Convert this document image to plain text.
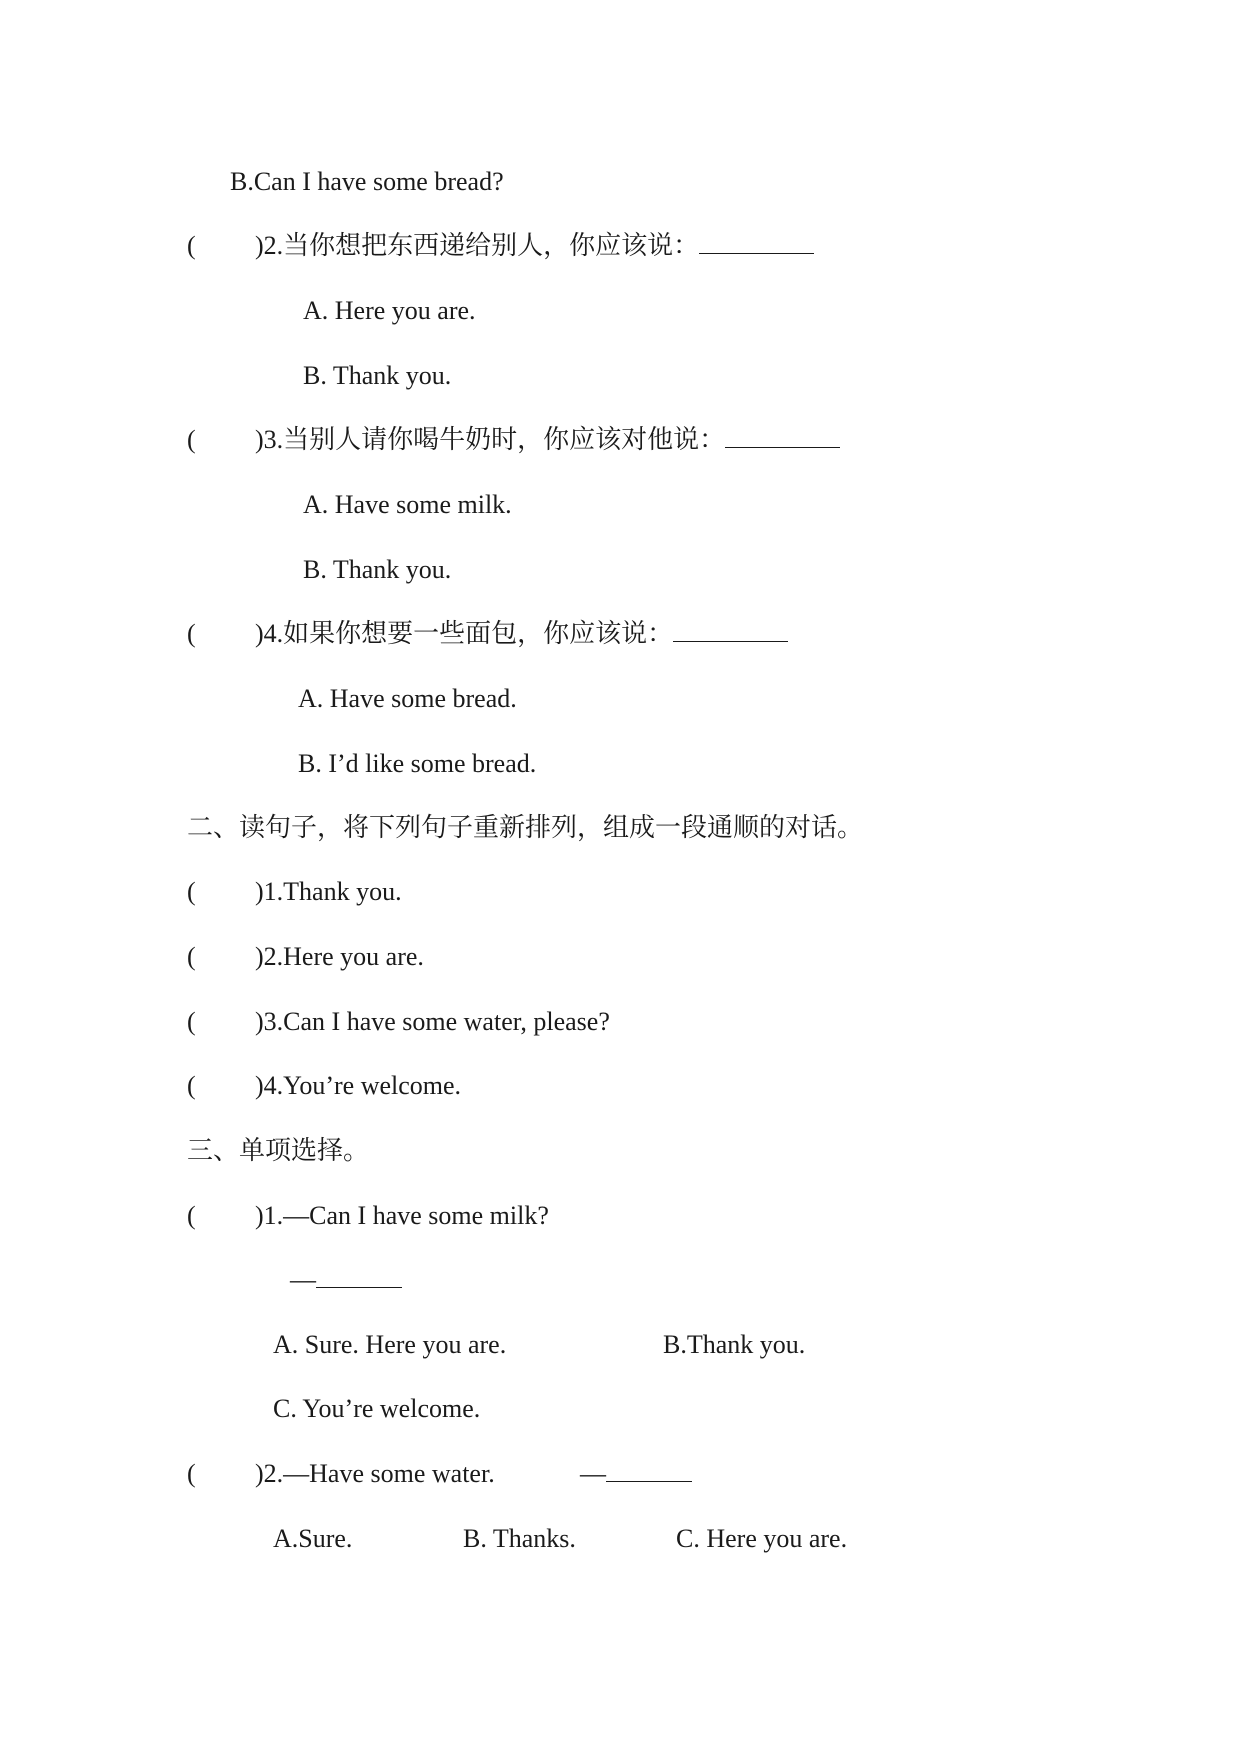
B.Can I have some bread?
( )2.当你想把东西递给别人，你应该说：
A. Here you are.
B. Thank you.
( )3.当别人请你喝牛奶时，你应该对他说：
A. Have some milk.
B. Thank you.
( )4.如果你想要一些面包，你应该说：
A. Have some bread.
B. I’d like some bread.
二、读句子，将下列句子重新排列，组成一段通顺的对话。
( )1.Thank you.
( )2.Here you are.
( )3.Can I have some water, please?
( )4.You’re welcome.
三、单项选择。
( )1.—Can I have some milk?
—
A. Sure. Here you are.	B.Thank you.
C. You’re welcome.
( )2.—Have some water.	—
A.Sure.	B. Thanks.	C. Here you are.
